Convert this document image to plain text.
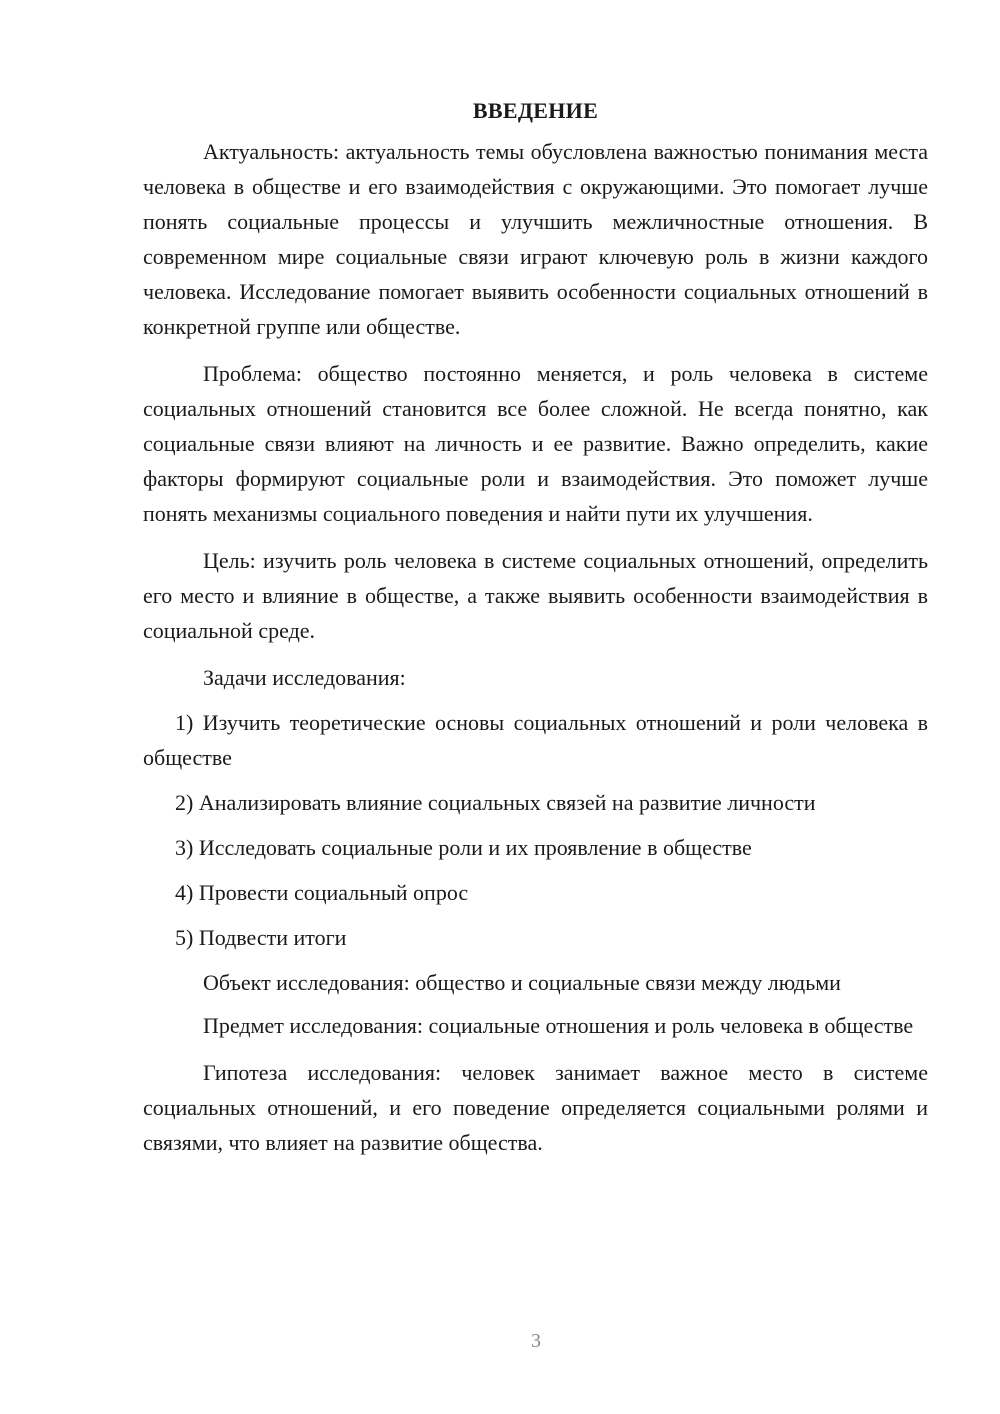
ВВЕДЕНИЕ

Актуальность: актуальность темы обусловлена важностью понимания места человека в обществе и его взаимодействия с окружающими. Это помогает лучше понять социальные процессы и улучшить межличностные отношения. В современном мире социальные связи играют ключевую роль в жизни каждого человека. Исследование помогает выявить особенности социальных отношений в конкретной группе или обществе.

Проблема: общество постоянно меняется, и роль человека в системе социальных отношений становится все более сложной. Не всегда понятно, как социальные связи влияют на личность и ее развитие. Важно определить, какие факторы формируют социальные роли и взаимодействия. Это поможет лучше понять механизмы социального поведения и найти пути их улучшения.

Цель: изучить роль человека в системе социальных отношений, определить его место и влияние в обществе, а также выявить особенности взаимодействия в социальной среде.

Задачи исследования:

1) Изучить теоретические основы социальных отношений и роли человека в обществе

2) Анализировать влияние социальных связей на развитие личности

3) Исследовать социальные роли и их проявление в обществе

4) Провести социальный опрос

5) Подвести итоги

Объект исследования: общество и социальные связи между людьми

Предмет исследования: социальные отношения и роль человека в обществе

Гипотеза исследования: человек занимает важное место в системе социальных отношений, и его поведение определяется социальными ролями и связями, что влияет на развитие общества.

3
